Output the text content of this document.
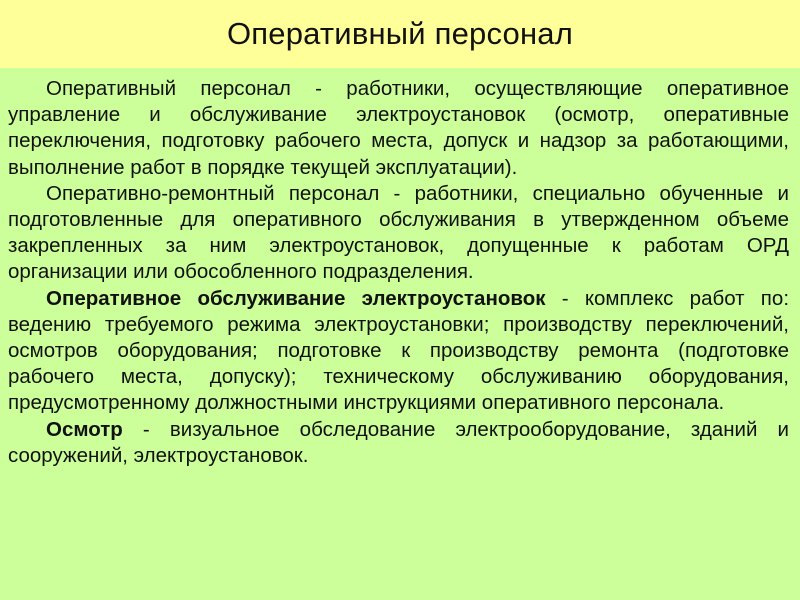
Оперативный персонал

Оперативный персонал - работники, осуществляющие оперативное управление и обслуживание электроустановок (осмотр, оперативные переключения, подготовку рабочего места, допуск и надзор за работающими, выполнение работ в порядке текущей эксплуатации).

Оперативно-ремонтный персонал - работники, специально обученные и подготовленные для оперативного обслуживания в утвержденном объеме закрепленных за ним электроустановок, допущенные к работам ОРД организации или обособленного подразделения.

Оперативное обслуживание электроустановок - комплекс работ по: ведению требуемого режима электроустановки; производству переключений, осмотров оборудования; подготовке к производству ремонта (подготовке рабочего места, допуску); техническому обслуживанию оборудования, предусмотренному должностными инструкциями оперативного персонала.

Осмотр - визуальное обследование электрооборудование, зданий и сооружений, электроустановок.
